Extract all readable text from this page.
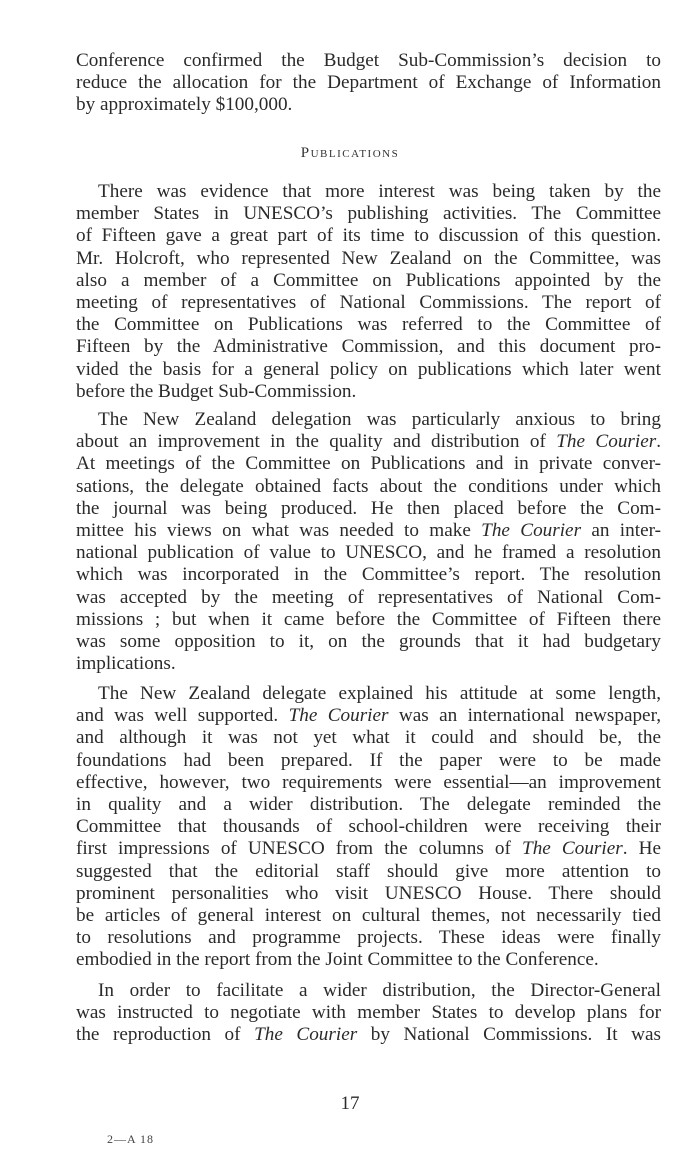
Conference confirmed the Budget Sub-Commission’s decision to
reduce the allocation for the Department of Exchange of Information
by approximately $100,000.
Publications
There was evidence that more interest was being taken by the
member States in UNESCO’s publishing activities. The Committee
of Fifteen gave a great part of its time to discussion of this question.
Mr. Holcroft, who represented New Zealand on the Committee, was
also a member of a Committee on Publications appointed by the
meeting of representatives of National Commissions. The report of
the Committee on Publications was referred to the Committee of
Fifteen by the Administrative Commission, and this document pro-
vided the basis for a general policy on publications which later went
before the Budget Sub-Commission.
The New Zealand delegation was particularly anxious to bring
about an improvement in the quality and distribution of The Courier.
At meetings of the Committee on Publications and in private conver-
sations, the delegate obtained facts about the conditions under which
the journal was being produced. He then placed before the Com-
mittee his views on what was needed to make The Courier an inter-
national publication of value to UNESCO, and he framed a resolution
which was incorporated in the Committee’s report. The resolution
was accepted by the meeting of representatives of National Com-
missions ; but when it came before the Committee of Fifteen there
was some opposition to it, on the grounds that it had budgetary
implications.
The New Zealand delegate explained his attitude at some length,
and was well supported. The Courier was an international newspaper,
and although it was not yet what it could and should be, the
foundations had been prepared. If the paper were to be made
effective, however, two requirements were essential—an improvement
in quality and a wider distribution. The delegate reminded the
Committee that thousands of school-children were receiving their
first impressions of UNESCO from the columns of The Courier. He
suggested that the editorial staff should give more attention to
prominent personalities who visit UNESCO House. There should
be articles of general interest on cultural themes, not necessarily tied
to resolutions and programme projects. These ideas were finally
embodied in the report from the Joint Committee to the Conference.
In order to facilitate a wider distribution, the Director-General
was instructed to negotiate with member States to develop plans for
the reproduction of The Courier by National Commissions. It was
17
2—A 18
